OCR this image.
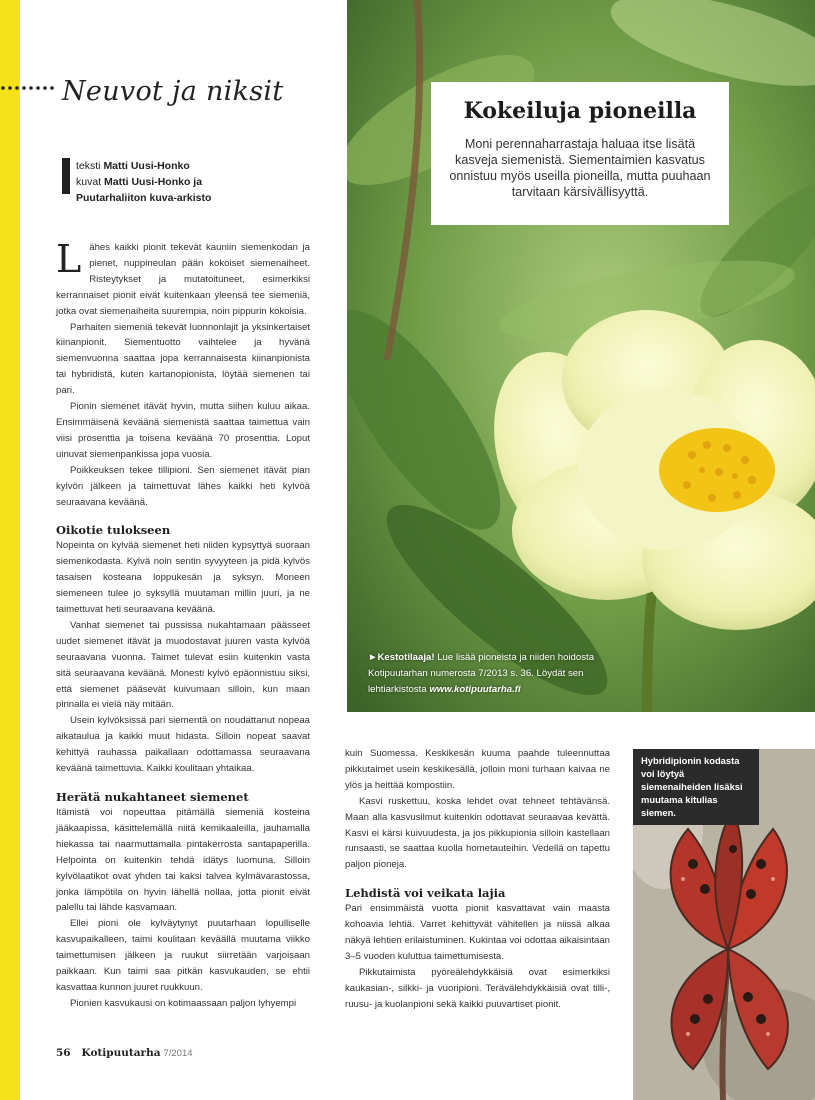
Neuvot ja niksit
teksti Matti Uusi-Honko
kuvat Matti Uusi-Honko ja
Puutarhaliiton kuva-arkisto

Lähes kaikki pionit tekevät kauniin siemenkodan ja pienet, nuppineulan pään kokoiset siemenaiheet. Risteytykset ja mutatoituneet, esimerkiksi kerrannaiset pionit eivät kuitenkaan yleensä tee siemeniä, jotka ovat siemenaiheita suurempia, noin pippurin kokoisia.

Parhaiten siemeniä tekevät luonnonlajit ja yksinkertaiset kiinanpionit. Siementuotto vaihtelee ja hyvänä siemenvuonna saattaa jopa kerrannaisesta kiinanpionista tai hybridistä, kuten kartanopionista, löytää siemenen tai pari.

Pionin siemenet itävät hyvin, mutta siihen kuluu aikaa. Ensimmäisenä keväänä siemenistä saattaa taimettua vain viisi prosenttia ja toisena keväänä 70 prosenttia. Loput uinuvat siemenpankissa jopa vuosia.

Poikkeuksen tekee tillipioni. Sen siemenet itävät pian kylvön jälkeen ja taimettuvat lähes kaikki heti kylvöä seuraavana keväänä.

Oikotie tulokseen

Nopeinta on kylvää siemenet heti niiden kypsyttyä suoraan siemenkodasta. Kylvä noin sentin syvyyteen ja pidä kylvös tasaisen kosteana loppukesän ja syksyn. Moneen siemeneen tulee jo syksyllä muutaman millin juuri, ja ne taimettuvat heti seuraavana keväänä.

Vanhat siemenet tai pussissa nukahtamaan päässeet uudet siemenet itävät ja muodostavat juuren vasta kylvöä seuraavana vuonna. Taimet tulevat esiin kuitenkin vasta sitä seuraavana keväänä. Monesti kylvö epäonnistuu siksi, että siemenet pääsevät kuivumaan silloin, kun maan pinnalla ei vielä näy mitään.

Usein kylvöksissä pari siementä on noudattanut nopeaa aikataulua ja kaikki muut hidasta. Silloin nopeat saavat kehittyä rauhassa paikallaan odottamassa seuraavana keväänä taimettuvia. Kaikki koulitaan yhtaikaa.

Herätä nukahtaneet siemenet

Itämistä voi nopeuttaa pitämällä siemeniä kosteina jääkaapissa, käsittelemällä niitä kemikaaleilla, jauhamalla hiekassa tai naarmuttamalla pintakerrosta santapaperilla. Helpointa on kuitenkin tehdä idätys luomuna. Silloin kylvölaatikot ovat yhden tai kaksi talvea kylmävarastossa, jonka lämpötila on hyvin lähellä nollaa, jotta pionit eivät palellu tai lähde kasvamaan.

Ellei pioni ole kylväytynyt puutarhaan lopulliselle kasvupaikalleen, taimi koulitaan keväällä muutama viikko taimettumisen jälkeen ja ruukut siirretään varjoisaan paikkaan. Kun taimi saa pitkän kasvukauden, se ehtii kasvattaa kunnon juuret ruukkuun.

Pionien kasvukausi on kotimaassaan paljon lyhyempi

kuin Suomessa. Keskikesän kuuma paahde tuleennuttaa pikkutaimet usein keskikesällä, jolloin moni turhaan kaivaa ne ylös ja heittää kompostiin.

Kasvi ruskettuu, koska lehdet ovat tehneet tehtävänsä. Maan alla kasvusilmut kuitenkin odottavat seuraavaa kevättä. Kasvi ei kärsi kuivuudesta, ja jos pikkupionia silloin kastellaan runsaasti, se saattaa kuolla hometauteihin. Vedellä on tapettu paljon pioneja.

Lehdistä voi veikata lajia

Pari ensimmäistä vuotta pionit kasvattavat vain maasta kohoavia lehtiä. Varret kehittyvät vähitellen ja niissä alkaa näkyä lehtien erilaistuminen. Kukintaa voi odottaa aikaisintaan 3–5 vuoden kuluttua taimettumisesta.

Pikkutaimista pyöreälehdykkäisiä ovat esimerkiksi kaukasian-, silkki- ja vuoripioni. Terävälehdykkäisiä ovat tilli-, ruusu- ja kuolanpioni sekä kaikki puuvartiset pionit.

Kokeiluja pioneilla

Moni perennaharrastaja haluaa itse lisätä kasveja siemenistä. Siementaimien kasvatus onnistuu myös useilla pioneilla, mutta puuhaan tarvitaan kärsivällisyyttä.

►Kestotilaaja! Lue lisää pioneista ja niiden hoidosta Kotipuutarhan numerosta 7/2013 s. 36. Löydät sen lehtiarkistosta www.kotipuutarha.fi
Hybridipionin kodasta voi löytyä siemenaiheiden lisäksi muutama kitulias siemen.
56 Kotipuutarha 7/2014
